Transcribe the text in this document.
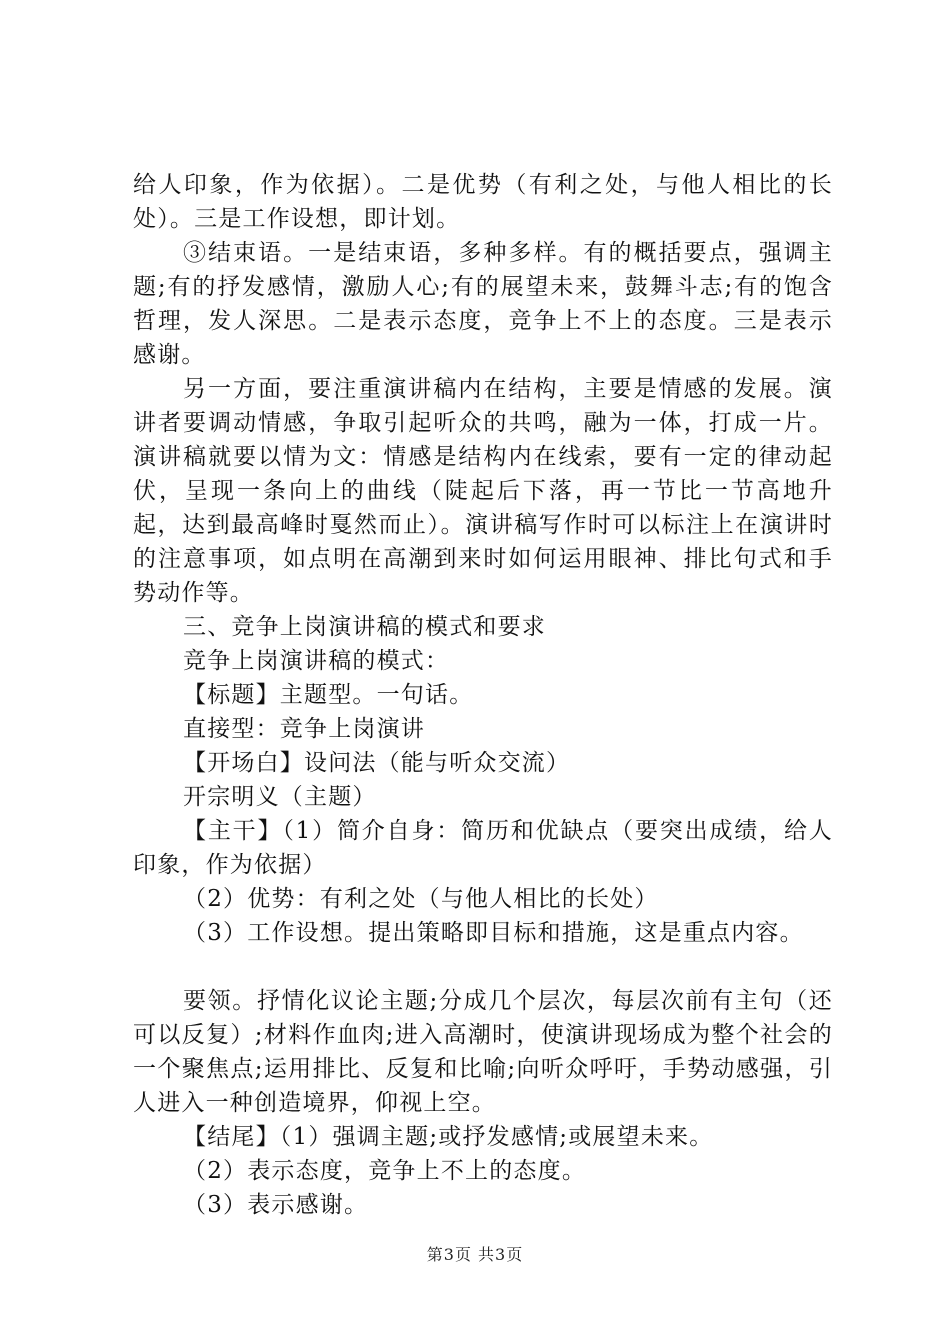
给人印象，作为依据）。二是优势（有利之处，与他人相比的长处）。三是工作设想，即计划。

③结束语。一是结束语，多种多样。有的概括要点，强调主题;有的抒发感情，激励人心;有的展望未来，鼓舞斗志;有的饱含哲理，发人深思。二是表示态度，竞争上不上的态度。三是表示感谢。

另一方面，要注重演讲稿内在结构，主要是情感的发展。演讲者要调动情感，争取引起听众的共鸣，融为一体，打成一片。演讲稿就要以情为文：情感是结构内在线索，要有一定的律动起伏，呈现一条向上的曲线（陡起后下落，再一节比一节高地升起，达到最高峰时戛然而止）。演讲稿写作时可以标注上在演讲时的注意事项，如点明在高潮到来时如何运用眼神、排比句式和手势动作等。

三、竞争上岗演讲稿的模式和要求

竞争上岗演讲稿的模式：

【标题】主题型。一句话。

直接型：竞争上岗演讲

【开场白】设问法（能与听众交流）

开宗明义（主题）

【主干】（1）简介自身：简历和优缺点（要突出成绩，给人印象，作为依据）

（2）优势：有利之处（与他人相比的长处）

（3）工作设想。提出策略即目标和措施，这是重点内容。

要领。抒情化议论主题;分成几个层次，每层次前有主句（还可以反复）;材料作血肉;进入高潮时，使演讲现场成为整个社会的一个聚焦点;运用排比、反复和比喻;向听众呼吁，手势动感强，引人进入一种创造境界，仰视上空。

【结尾】（1）强调主题;或抒发感情;或展望未来。

（2）表示态度，竞争上不上的态度。

（3）表示感谢。

第3页 共3页
